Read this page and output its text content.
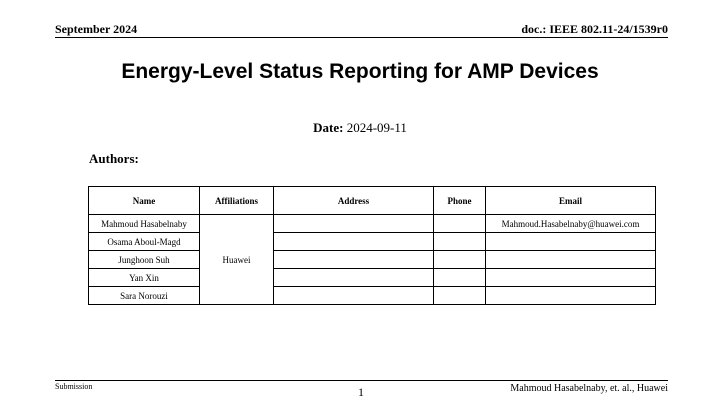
September 2024	doc.: IEEE 802.11-24/1539r0
Energy-Level Status Reporting for AMP Devices
Date: 2024-09-11
Authors:
Name	Affiliations	Address	Phone	Email
Mahmoud Hasabelnaby	Huawei			Mahmoud.Hasabelnaby@huawei.com
Osama Aboul-Magd				
Junghoon Suh				
Yan Xin				
Sara Norouzi				
Submission	1	Mahmoud Hasabelnaby, et. al., Huawei
